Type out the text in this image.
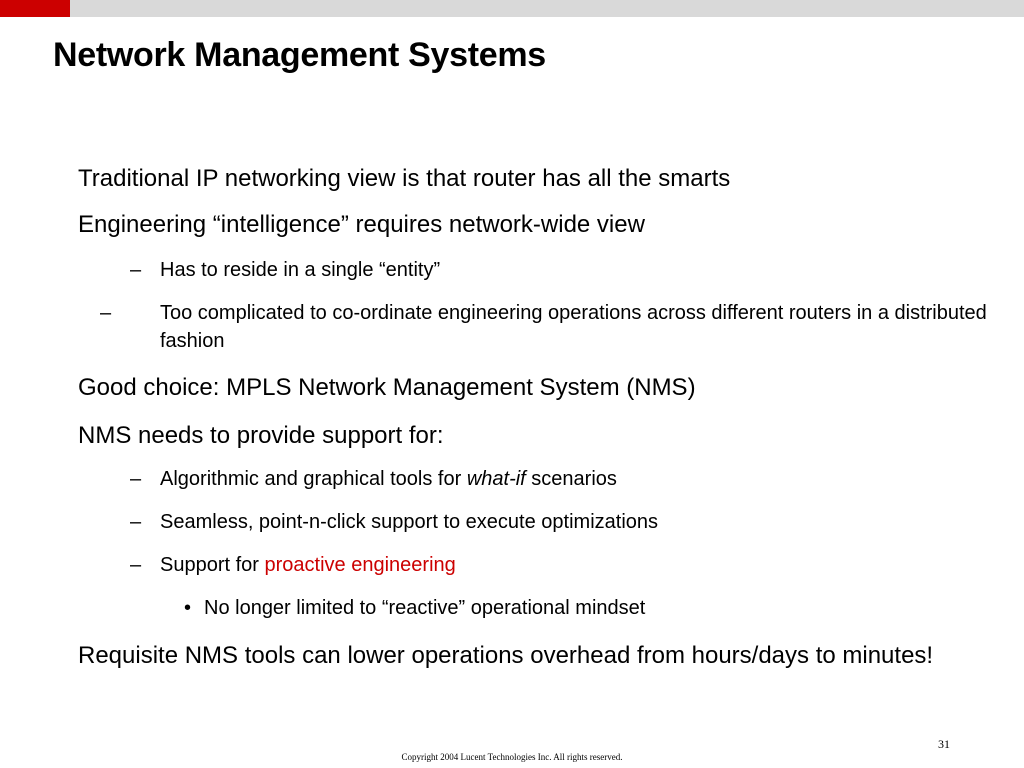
Network Management Systems
Traditional IP networking view is that router has all the smarts
Engineering “intelligence” requires network-wide view
– Has to reside in a single “entity”
– Too complicated to co-ordinate engineering operations across different routers in a distributed fashion
Good choice: MPLS Network Management System (NMS)
NMS needs to provide support for:
– Algorithmic and graphical tools for what-if scenarios
– Seamless, point-n-click support to execute optimizations
– Support for proactive engineering
• No longer limited to “reactive” operational mindset
Requisite NMS tools can lower operations overhead from hours/days to minutes!
31
Copyright 2004 Lucent Technologies Inc. All rights reserved.
